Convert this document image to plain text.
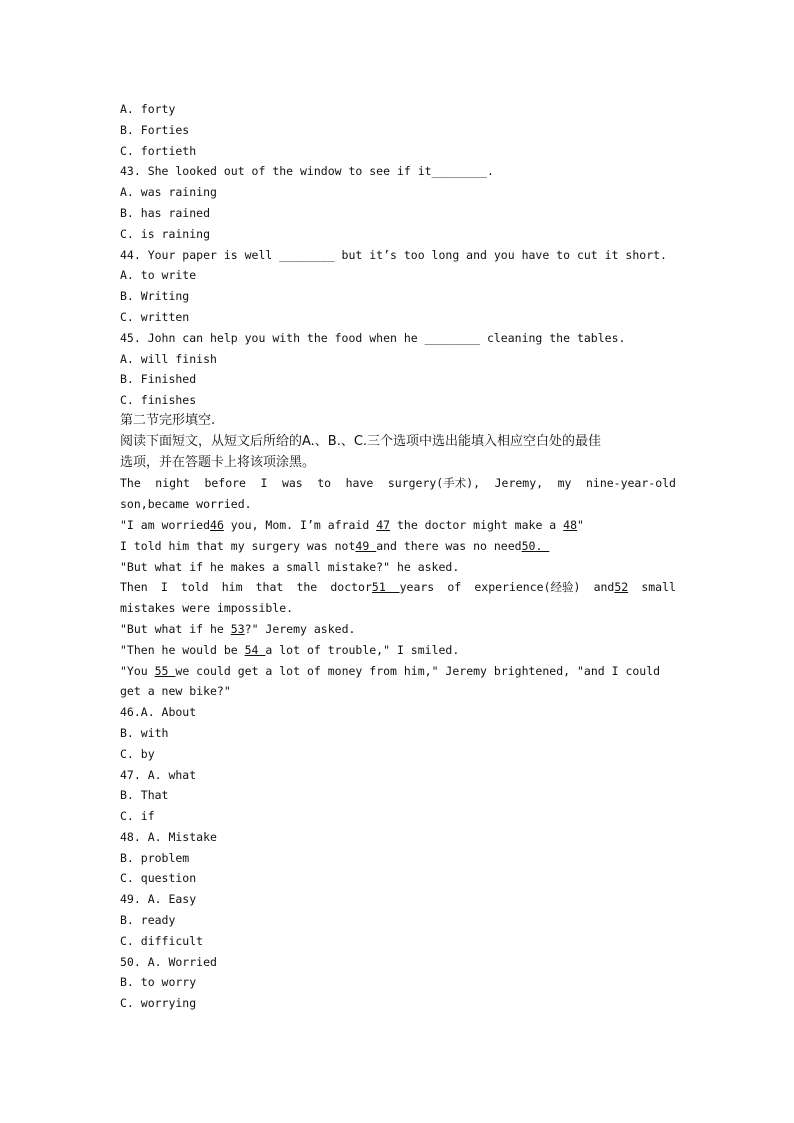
A. forty
B. Forties
C. fortieth
43. She looked out of the window to see if it________.
A. was raining
B. has rained
C. is raining
44. Your paper is well ________ but it’s too long and you have to cut it short.
A. to write
B. Writing
C. written
45. John can help you with the food when he ________ cleaning the tables.
A. will finish
B. Finished
C. finishes
第二节完形填空.
阅读下面短文，从短文后所给的A.、B.、C.三个选项中选出能填入相应空白处的最佳
选项，并在答题卡上将该项涂黑。
The night before I was to have surgery(手术), Jeremy, my nine-year-old
son,became worried.
"I am worried46 you, Mom. I’m afraid 47 the doctor might make a 48"
I told him that my surgery was not49 and there was no need50.
"But what if he makes a small mistake?" he asked.
Then I told him that the doctor51  years of experience(经验) and52 small
mistakes were impossible.
"But what if he 53?" Jeremy asked.
"Then he would be 54 a lot of trouble," I smiled.
"You 55 we could get a lot of money from him," Jeremy brightened, "and I could
get a new bike?"
46.A. About
B. with
C. by
47. A. what
B. That
C. if
48. A. Mistake
B. problem
C. question
49. A. Easy
B. ready
C. difficult
50. A. Worried
B. to worry
C. worrying
